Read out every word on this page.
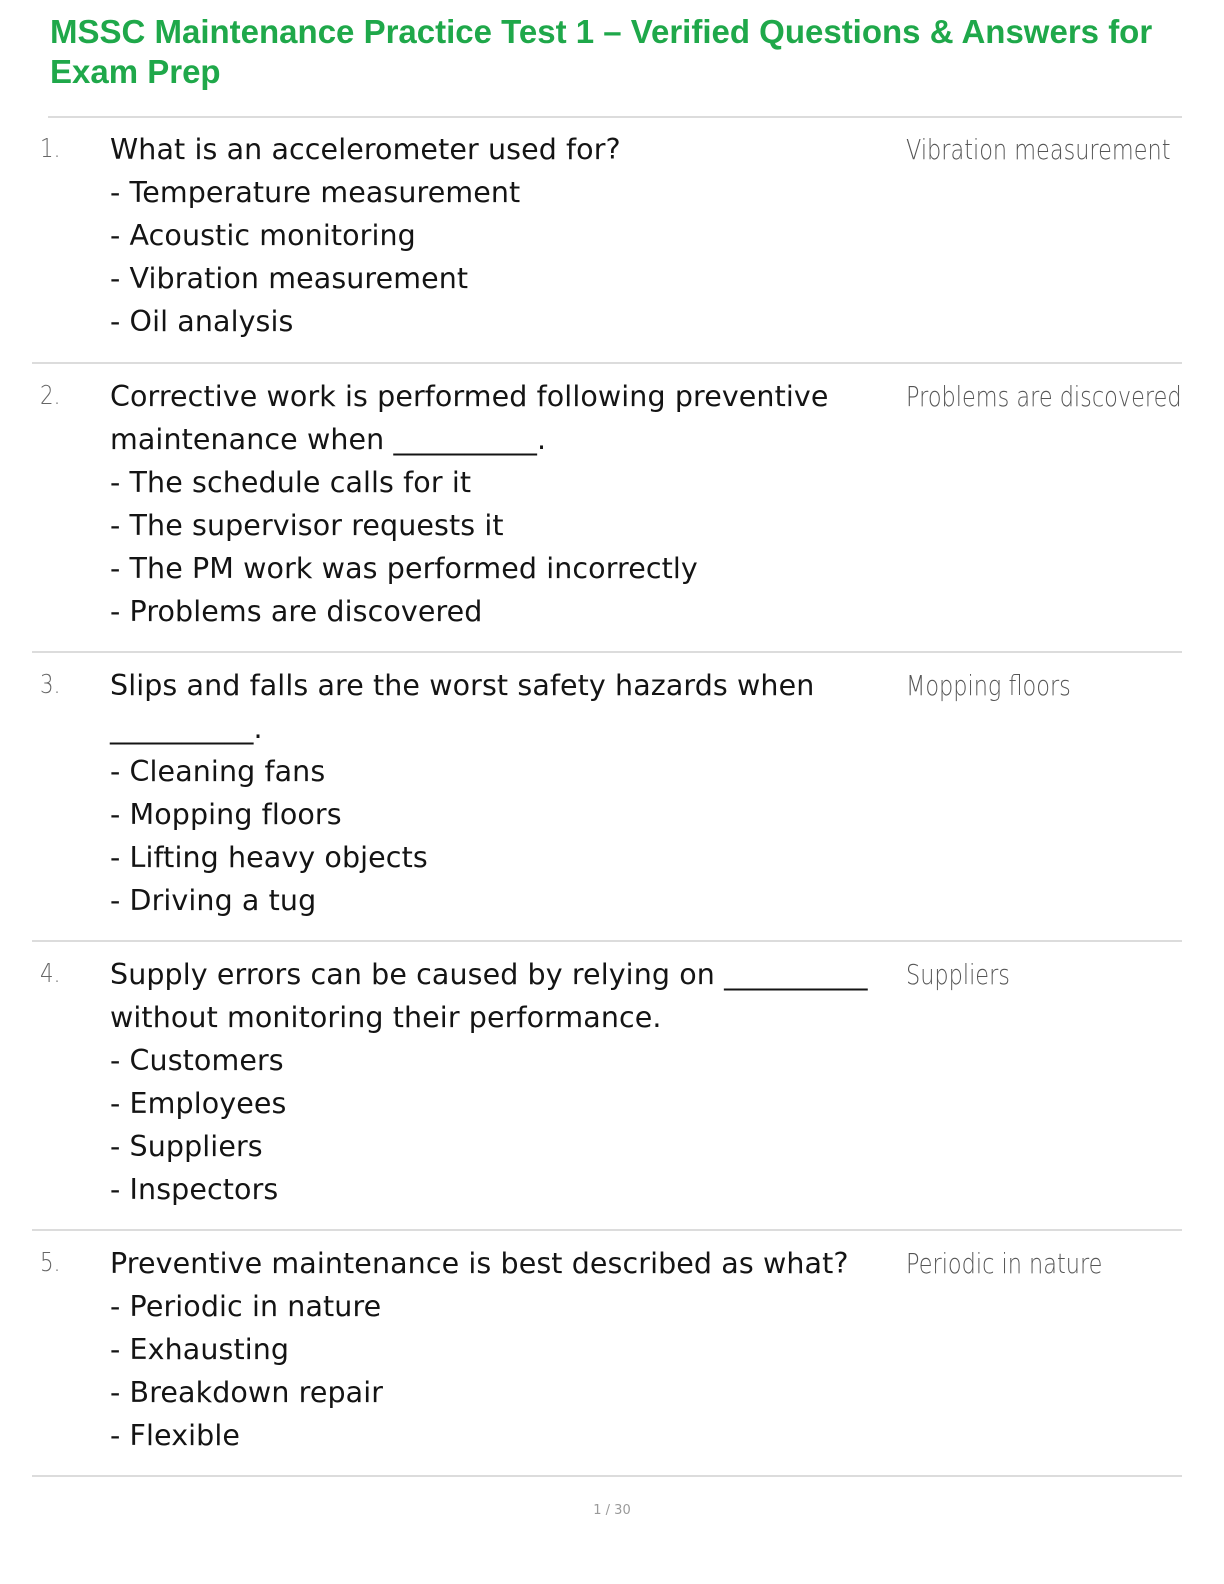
MSSC Maintenance Practice Test 1 – Verified Questions & Answers for Exam Prep
1. What is an accelerometer used for?
- Temperature measurement
- Acoustic monitoring
- Vibration measurement
- Oil analysis
Vibration measurement
2. Corrective work is performed following preventive maintenance when __________.
- The schedule calls for it
- The supervisor requests it
- The PM work was performed incorrectly
- Problems are discovered
Problems are discovered
3. Slips and falls are the worst safety hazards when __________.
- Cleaning fans
- Mopping floors
- Lifting heavy objects
- Driving a tug
Mopping floors
4. Supply errors can be caused by relying on __________ without monitoring their performance.
- Customers
- Employees
- Suppliers
- Inspectors
Suppliers
5. Preventive maintenance is best described as what?
- Periodic in nature
- Exhausting
- Breakdown repair
- Flexible
Periodic in nature
1 / 30
